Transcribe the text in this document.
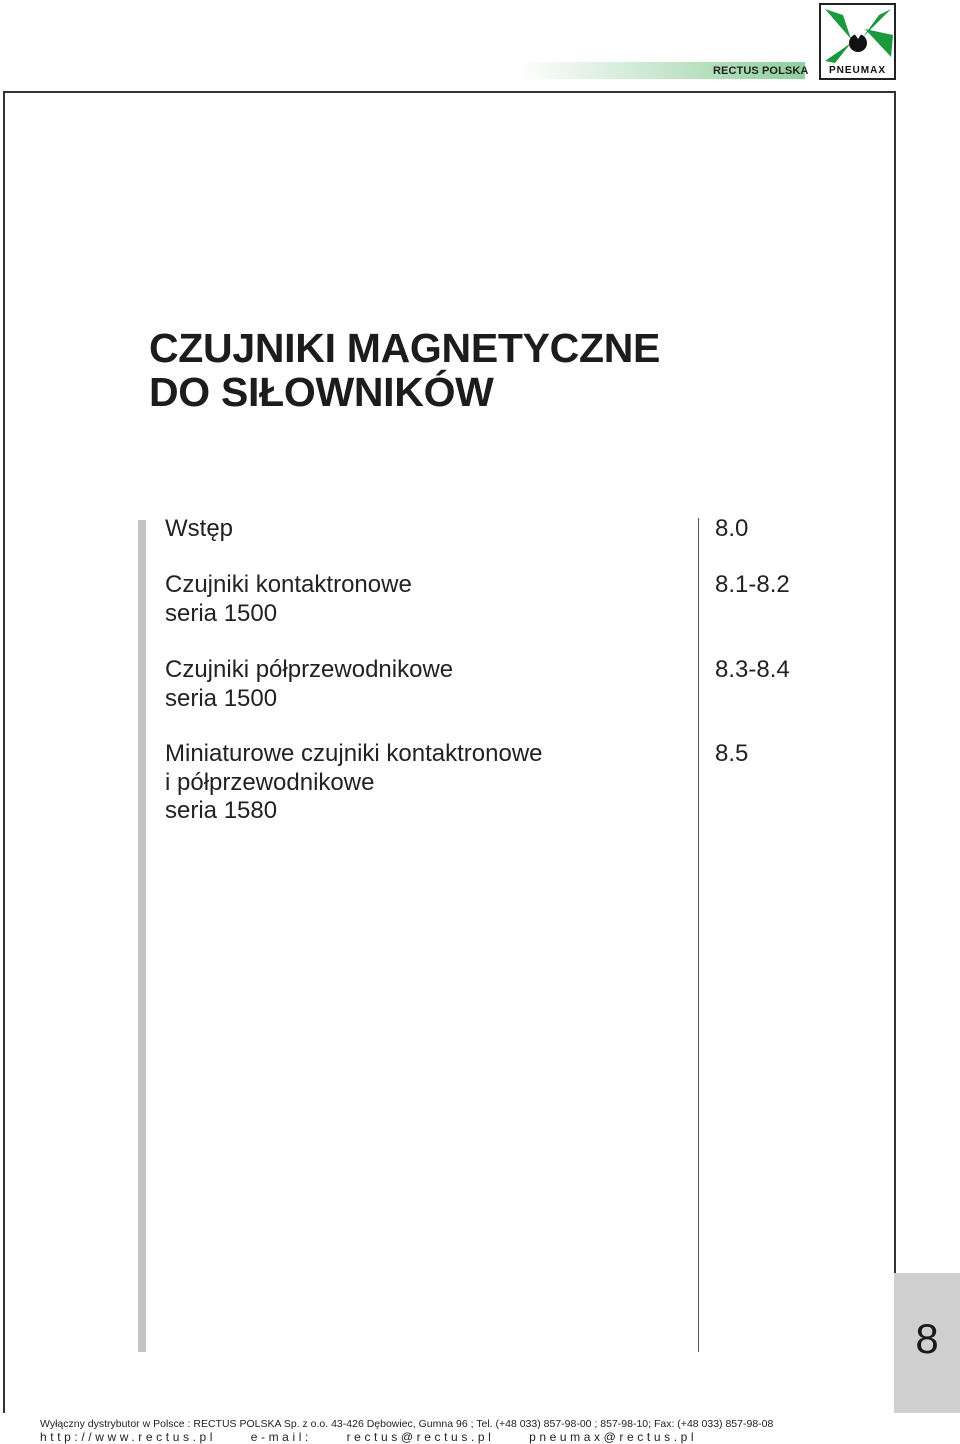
RECTUS POLSKA	PNEUMAX
CZUJNIKI MAGNETYCZNE
DO SIŁOWNIKÓW
Wstęp	8.0
Czujniki kontaktronowe
seria 1500
8.1-8.2
Czujniki półprzewodnikowe
seria 1500
8.3-8.4
Miniaturowe czujniki kontaktronowe
i półprzewodnikowe
seria 1580
8.5
8
Wyłączny dystrybutor w Polsce : RECTUS POLSKA Sp. z o.o. 43-426 Dębowiec, Gumna 96 ; Tel. (+48 033) 857-98-00 ; 857-98-10; Fax: (+48 033) 857-98-08
http://www.rectus.pl     e-mail:     rectus@rectus.pl     pneumax@rectus.pl
